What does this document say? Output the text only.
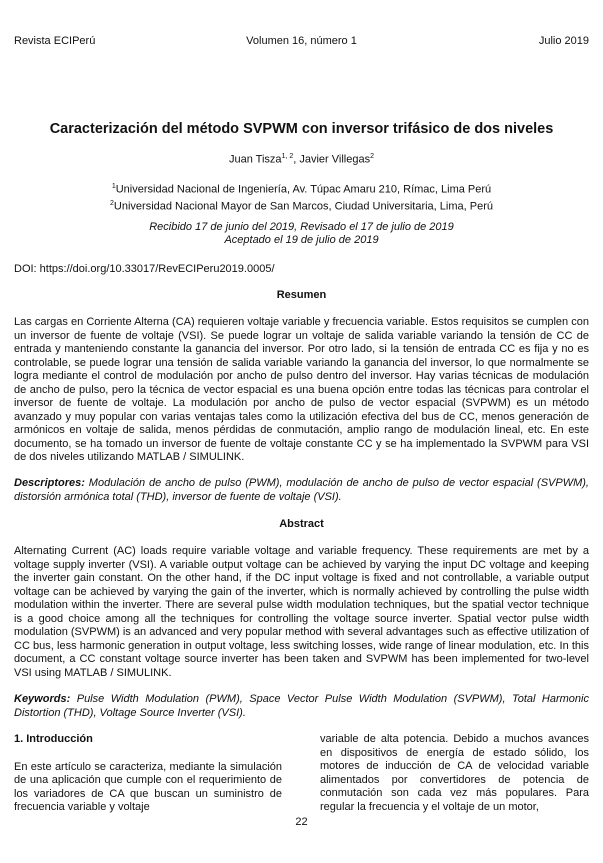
Revista ECIPerú	Volumen 16, número 1	Julio 2019
Caracterización del método SVPWM con inversor trifásico de dos niveles
Juan Tisza$^{1, 2}$, Javier Villegas$^2$
$^1$Universidad Nacional de Ingeniería, Av. Túpac Amaru 210, Rímac, Lima Perú
$^2$Universidad Nacional Mayor de San Marcos, Ciudad Universitaria, Lima, Perú
Recibido 17 de junio del 2019, Revisado el 17 de julio de 2019
Aceptado el 19 de julio de 2019
DOI: https://doi.org/10.33017/RevECIPeru2019.0005/
Resumen
Las cargas en Corriente Alterna (CA) requieren voltaje variable y frecuencia variable. Estos requisitos se cumplen con un inversor de fuente de voltaje (VSI). Se puede lograr un voltaje de salida variable variando la tensión de CC de entrada y manteniendo constante la ganancia del inversor. Por otro lado, si la tensión de entrada CC es fija y no es controlable, se puede lograr una tensión de salida variable variando la ganancia del inversor, lo que normalmente se logra mediante el control de modulación por ancho de pulso dentro del inversor. Hay varias técnicas de modulación de ancho de pulso, pero la técnica de vector espacial es una buena opción entre todas las técnicas para controlar el inversor de fuente de voltaje. La modulación por ancho de pulso de vector espacial (SVPWM) es un método avanzado y muy popular con varias ventajas tales como la utilización efectiva del bus de CC, menos generación de armónicos en voltaje de salida, menos pérdidas de conmutación, amplio rango de modulación lineal, etc. En este documento, se ha tomado un inversor de fuente de voltaje constante CC y se ha implementado la SVPWM para VSI de dos niveles utilizando MATLAB / SIMULINK.
Descriptores: Modulación de ancho de pulso (PWM), modulación de ancho de pulso de vector espacial (SVPWM), distorsión armónica total (THD), inversor de fuente de voltaje (VSI).
Abstract
Alternating Current (AC) loads require variable voltage and variable frequency. These requirements are met by a voltage supply inverter (VSI). A variable output voltage can be achieved by varying the input DC voltage and keeping the inverter gain constant. On the other hand, if the DC input voltage is fixed and not controllable, a variable output voltage can be achieved by varying the gain of the inverter, which is normally achieved by controlling the pulse width modulation within the inverter. There are several pulse width modulation techniques, but the spatial vector technique is a good choice among all the techniques for controlling the voltage source inverter. Spatial vector pulse width modulation (SVPWM) is an advanced and very popular method with several advantages such as effective utilization of CC bus, less harmonic generation in output voltage, less switching losses, wide range of linear modulation, etc. In this document, a CC constant voltage source inverter has been taken and SVPWM has been implemented for two-level VSI using MATLAB / SIMULINK.
Keywords: Pulse Width Modulation (PWM), Space Vector Pulse Width Modulation (SVPWM), Total Harmonic Distortion (THD), Voltage Source Inverter (VSI).
1. Introducción
En este artículo se caracteriza, mediante la simulación de una aplicación que cumple con el requerimiento de los variadores de CA que buscan un suministro de frecuencia variable y voltaje
variable de alta potencia. Debido a muchos avances en dispositivos de energía de estado sólido, los motores de inducción de CA de velocidad variable alimentados por convertidores de potencia de conmutación son cada vez más populares. Para regular la frecuencia y el voltaje de un motor,
22
